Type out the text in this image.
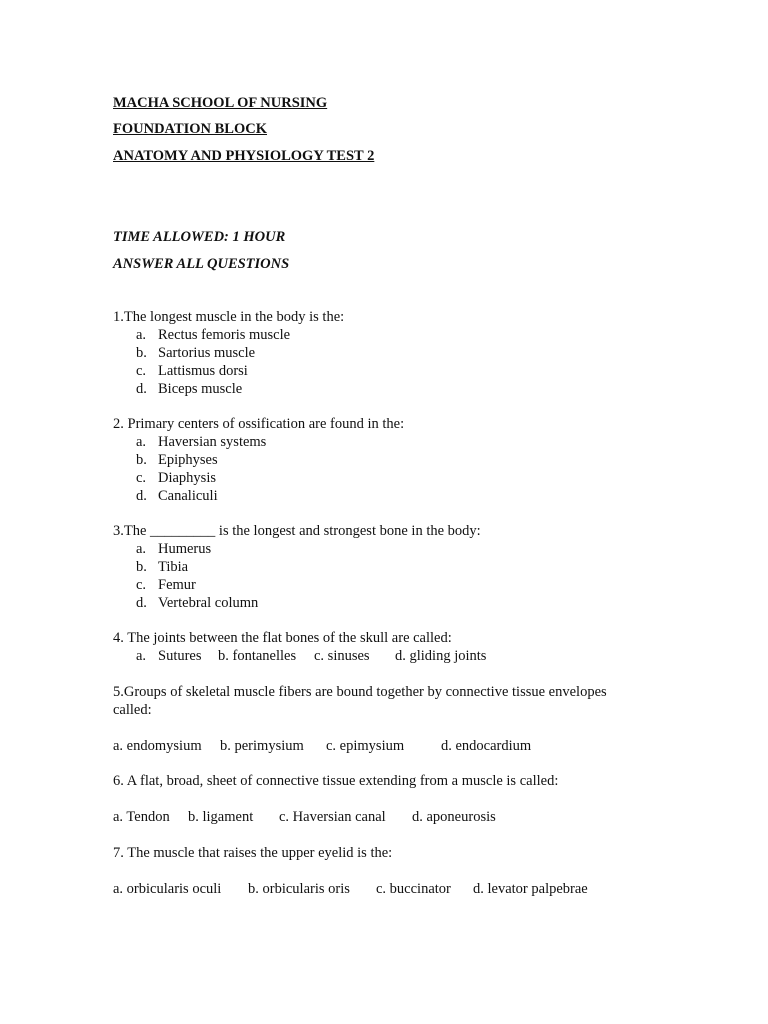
MACHA SCHOOL OF NURSING
FOUNDATION BLOCK
ANATOMY AND PHYSIOLOGY TEST 2
TIME ALLOWED: 1 HOUR
ANSWER ALL QUESTIONS
1.The longest muscle in the body is the:
a. Rectus femoris muscle
b. Sartorius muscle
c. Lattismus dorsi
d. Biceps muscle
2. Primary centers of ossification are found in the:
a. Haversian systems
b. Epiphyses
c. Diaphysis
d. Canaliculi
3.The _________ is the longest and strongest bone in the body:
a. Humerus
b. Tibia
c. Femur
d. Vertebral column
4. The joints between the flat bones of the skull are called:
a. Sutures b. fontanelles c. sinuses d. gliding joints
5.Groups of skeletal muscle fibers are bound together by connective tissue envelopes
called:
a. endomysium b. perimysium c. epimysium	d. endocardium
6. A flat, broad, sheet of connective tissue extending from a muscle is called:
a. Tendon b. ligament c. Haversian canal d. aponeurosis
7. The muscle that raises the upper eyelid is the:
a. orbicularis oculi b. orbicularis oris c. buccinator d. levator palpebrae
